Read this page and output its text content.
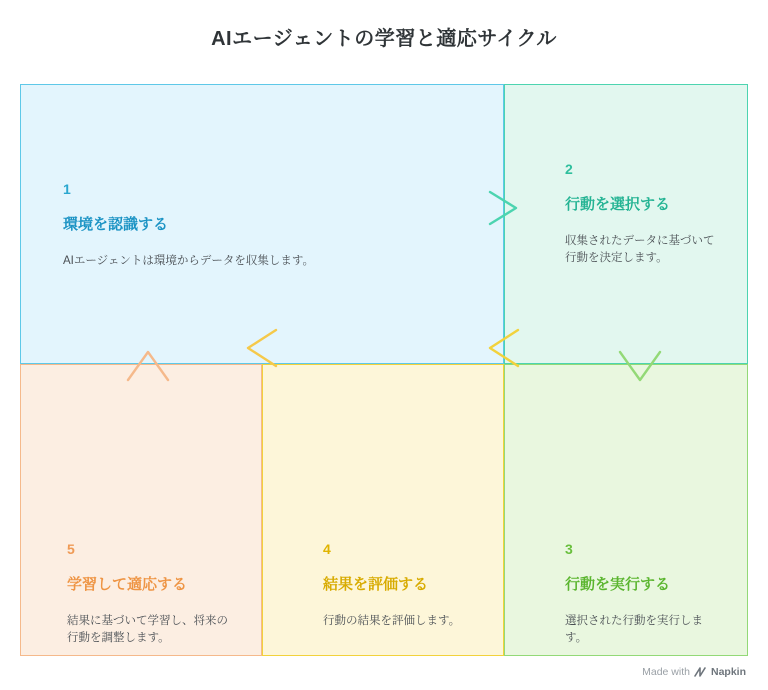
AIエージェントの学習と適応サイクル
1
環境を認識する
AIエージェントは環境からデータを収集します。
2
行動を選択する
収集されたデータに基づいて行動を決定します。
3
行動を実行する
選択された行動を実行します。
4
結果を評価する
行動の結果を評価します。
5
学習して適応する
結果に基づいて学習し、将来の行動を調整します。
Made with Napkin
